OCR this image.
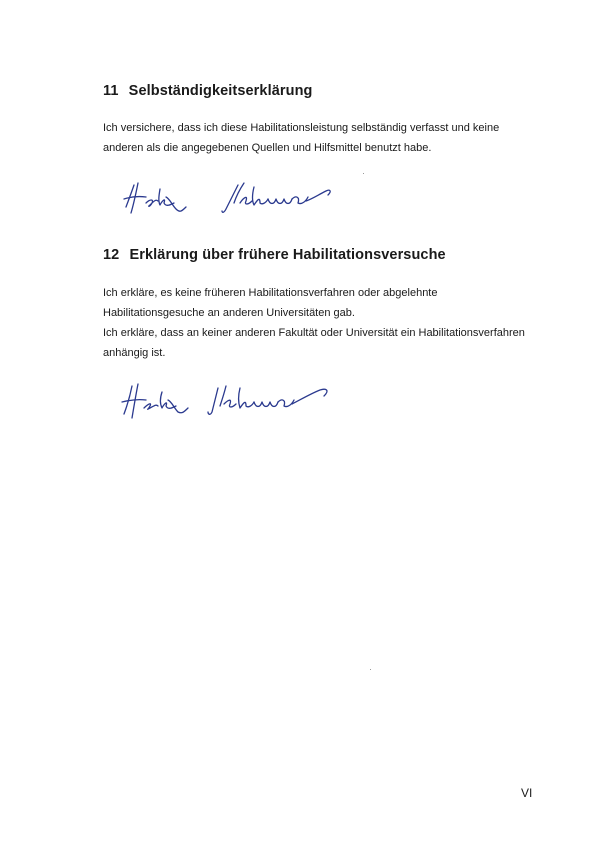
11 Selbständigkeitserklärung

Ich versichere, dass ich diese Habilitationsleistung selbständig verfasst und keine

anderen als die angegebenen Quellen und Hilfsmittel benutzt habe.

12 Erklärung über frühere Habilitationsversuche

Ich erkläre, es keine früheren Habilitationsverfahren oder abgelehnte

Habilitationsgesuche an anderen Universitäten gab.

Ich erkläre, dass an keiner anderen Fakultät oder Universität ein Habilitationsverfahren

anhängig ist.

VI
